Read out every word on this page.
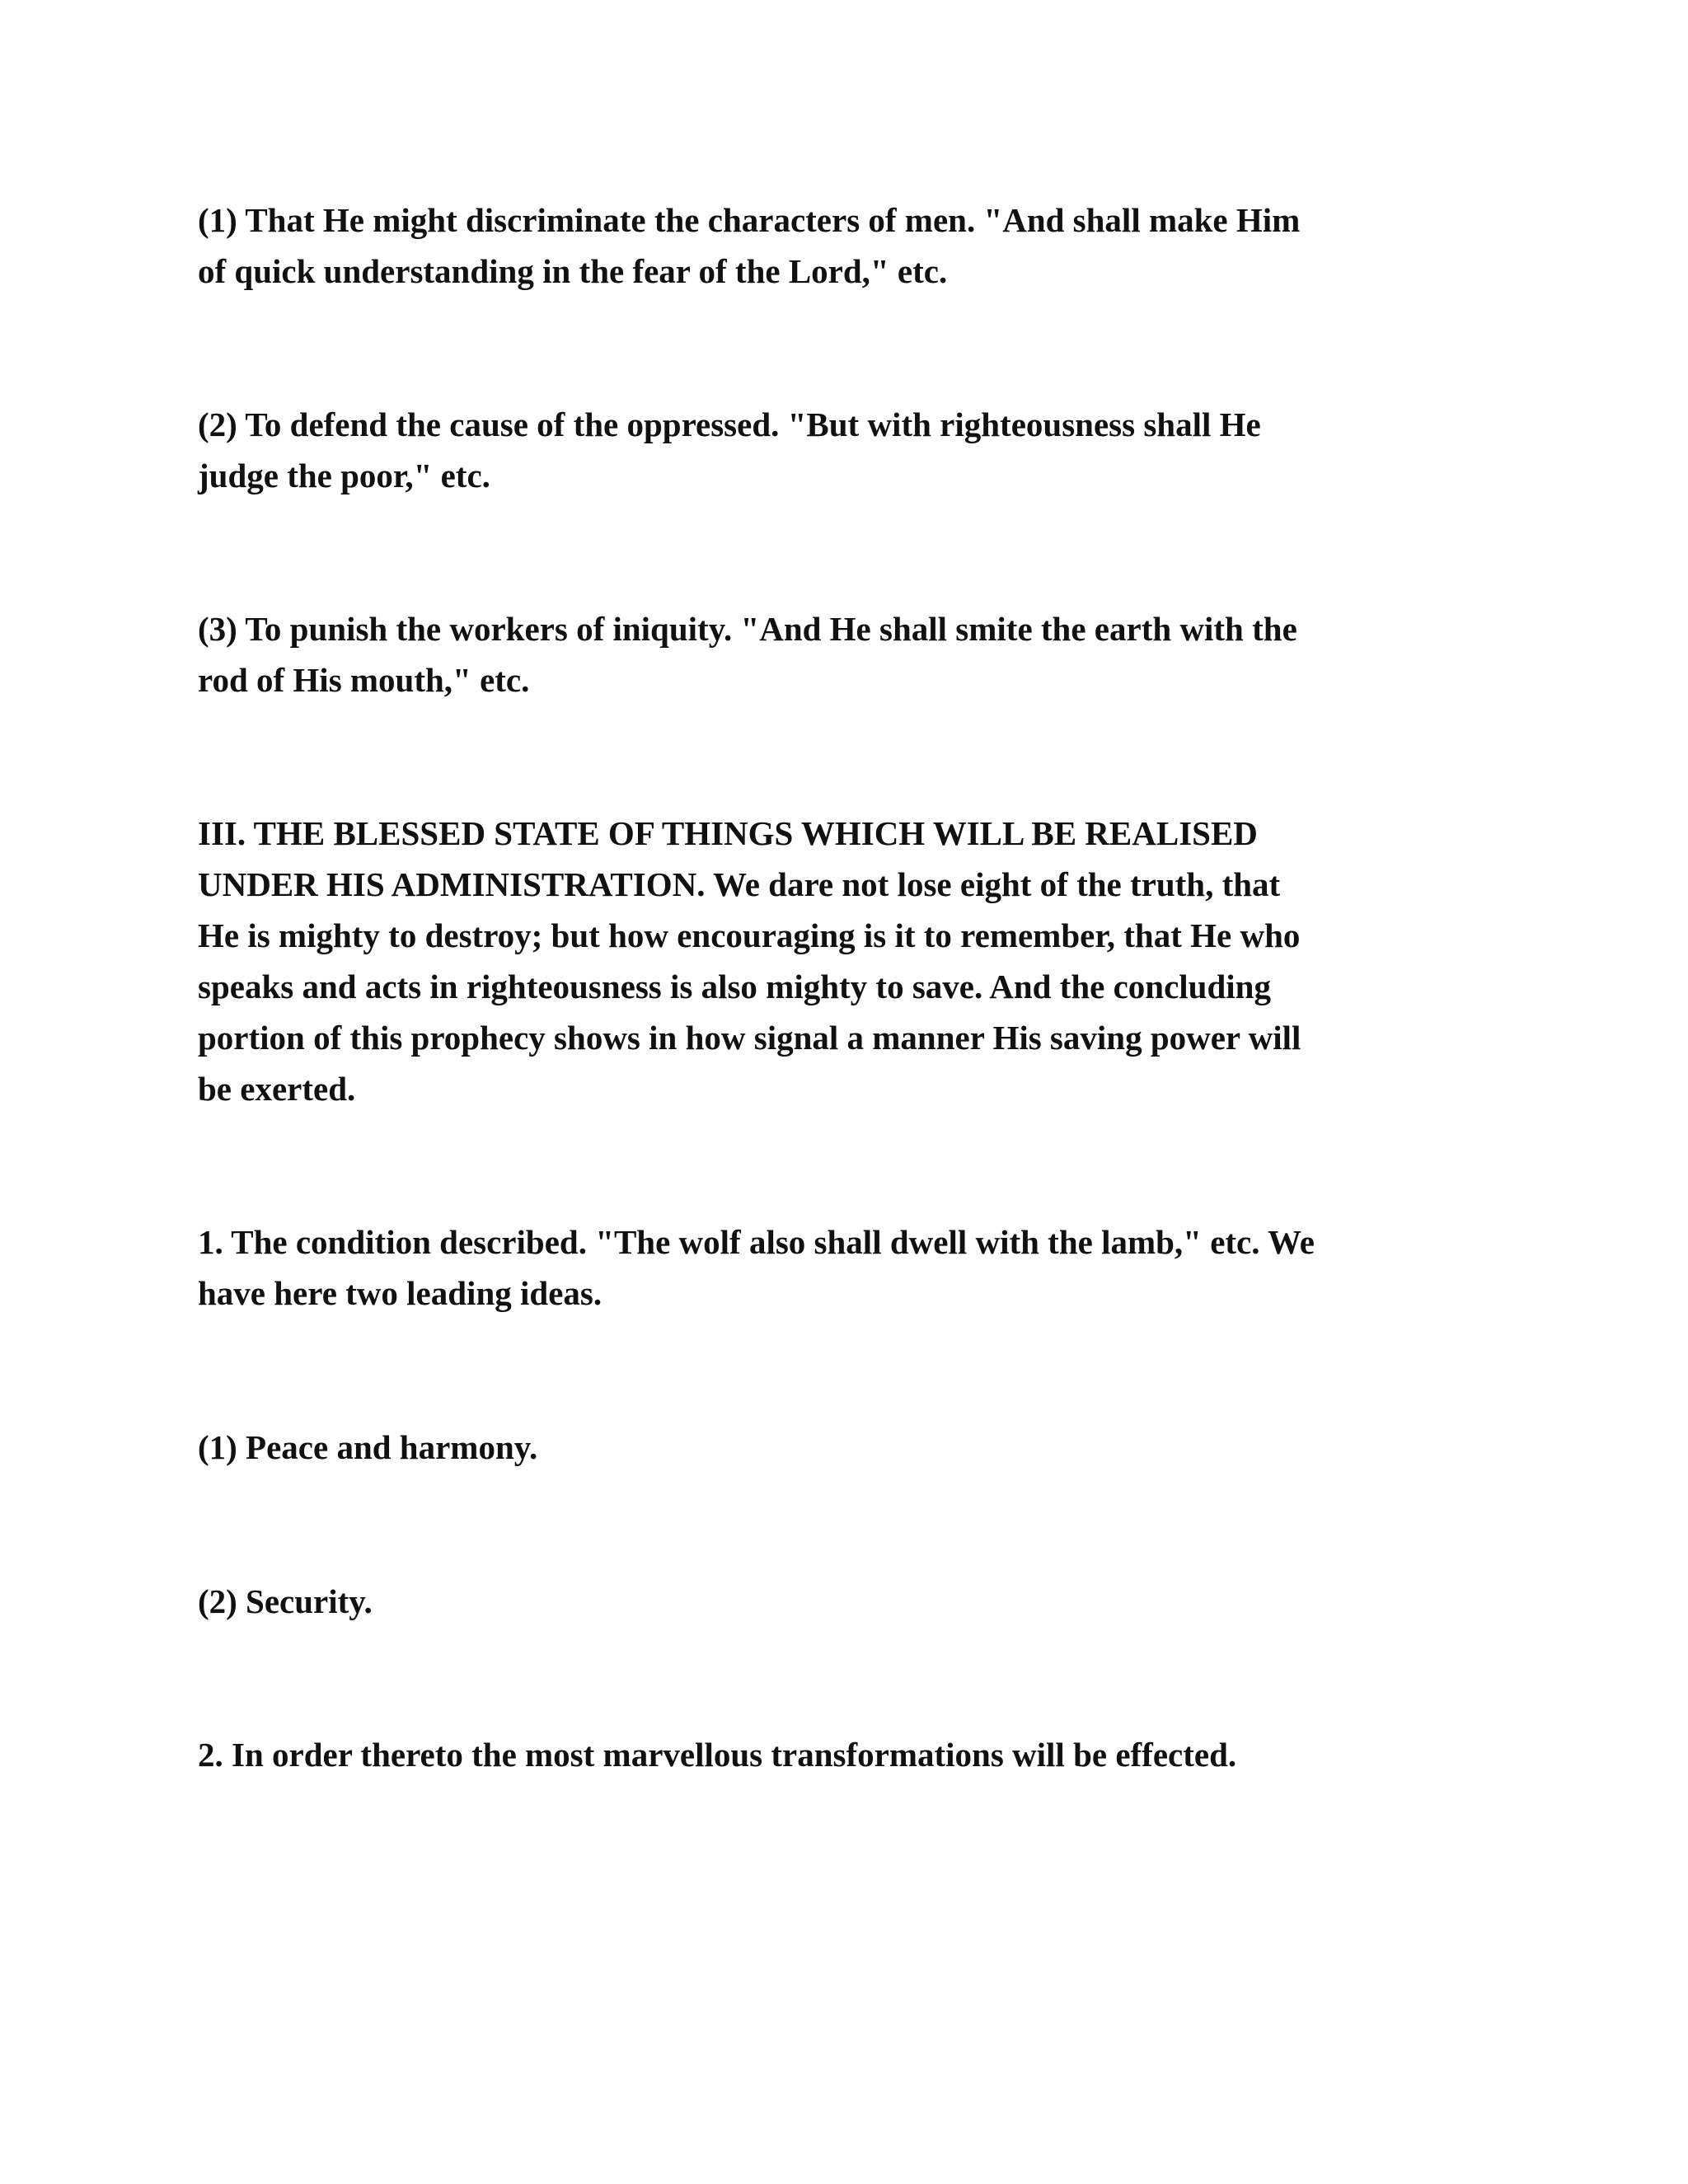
(1) That He might discriminate the characters of men. "And shall make Him
of quick understanding in the fear of the Lord," etc.

(2) To defend the cause of the oppressed. "But with righteousness shall He
judge the poor," etc.

(3) To punish the workers of iniquity. "And He shall smite the earth with the
rod of His mouth," etc.

III. THE BLESSED STATE OF THINGS WHICH WILL BE REALISED
UNDER HIS ADMINISTRATION. We dare not lose eight of the truth, that
He is mighty to destroy; but how encouraging is it to remember, that He who
speaks and acts in righteousness is also mighty to save. And the concluding
portion of this prophecy shows in how signal a manner His saving power will
be exerted.

1. The condition described. "The wolf also shall dwell with the lamb," etc. We
have here two leading ideas.

(1) Peace and harmony.

(2) Security.

2. In order thereto the most marvellous transformations will be effected.
